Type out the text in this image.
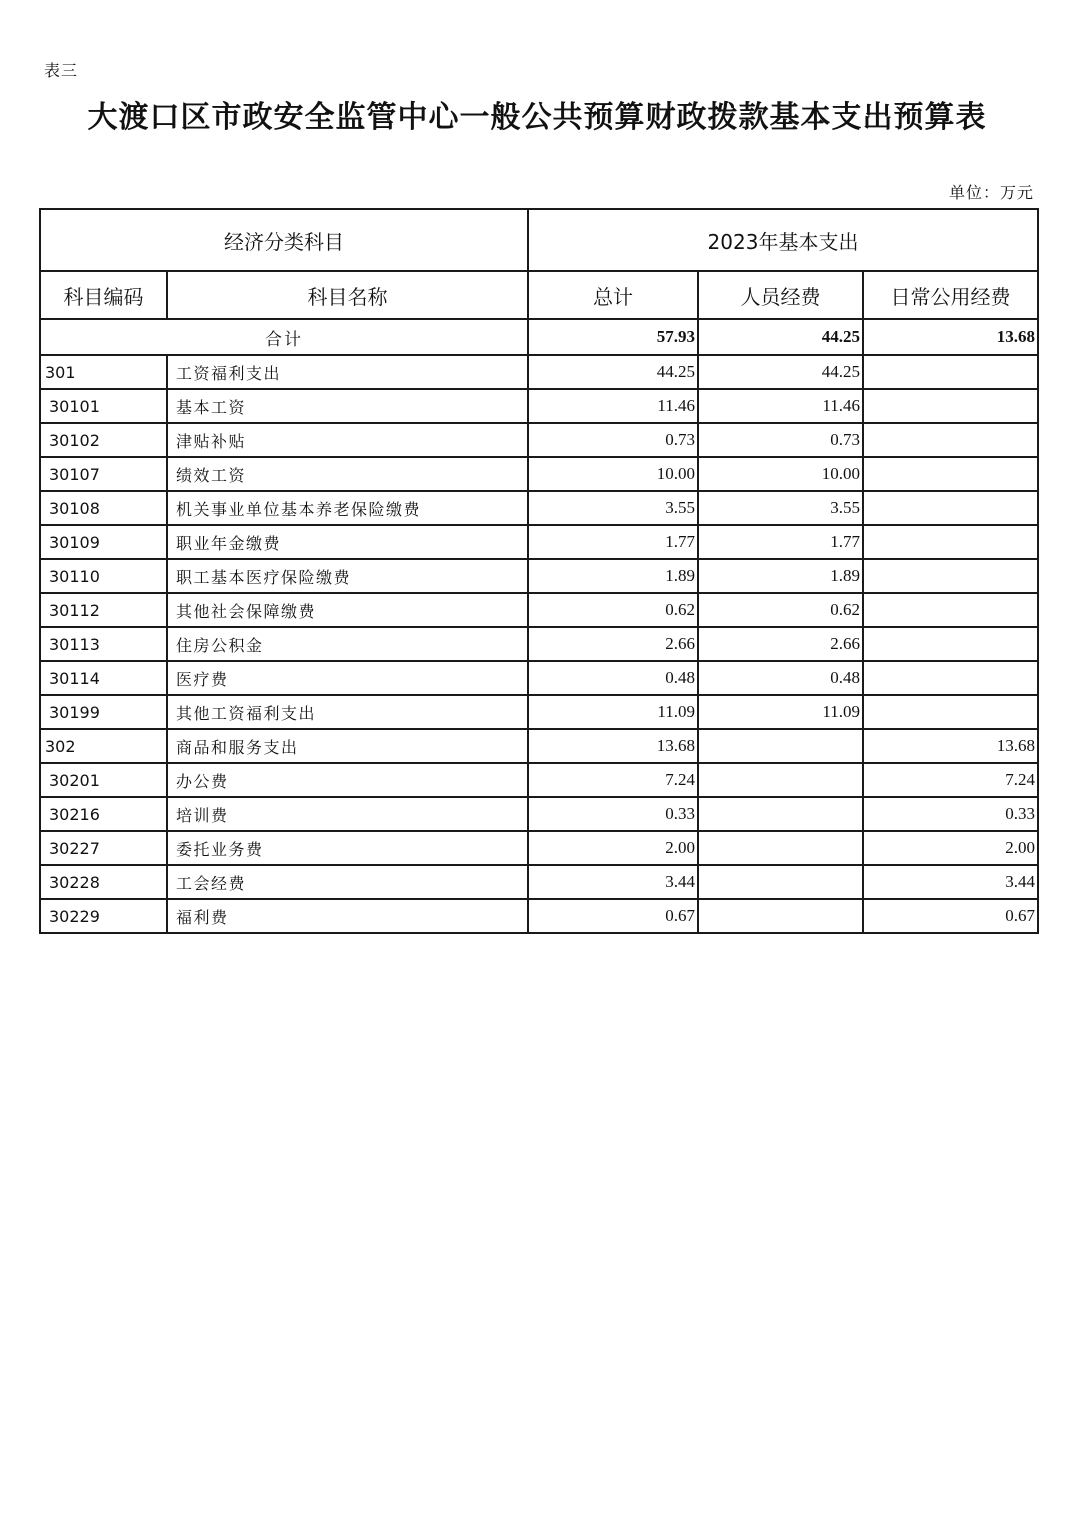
表三
大渡口区市政安全监管中心一般公共预算财政拨款基本支出预算表
单位：万元
经济分类科目		2023年基本支出		
科目编码	科目名称	总计	人员经费	日常公用经费
合计		57.93	44.25	13.68
301	工资福利支出	44.25	44.25	
30101	基本工资	11.46	11.46	
30102	津贴补贴	0.73	0.73	
30107	绩效工资	10.00	10.00	
30108	机关事业单位基本养老保险缴费	3.55	3.55	
30109	职业年金缴费	1.77	1.77	
30110	职工基本医疗保险缴费	1.89	1.89	
30112	其他社会保障缴费	0.62	0.62	
30113	住房公积金	2.66	2.66	
30114	医疗费	0.48	0.48	
30199	其他工资福利支出	11.09	11.09	
302	商品和服务支出	13.68		13.68
30201	办公费	7.24		7.24
30216	培训费	0.33		0.33
30227	委托业务费	2.00		2.00
30228	工会经费	3.44		3.44
30229	福利费	0.67		0.67
